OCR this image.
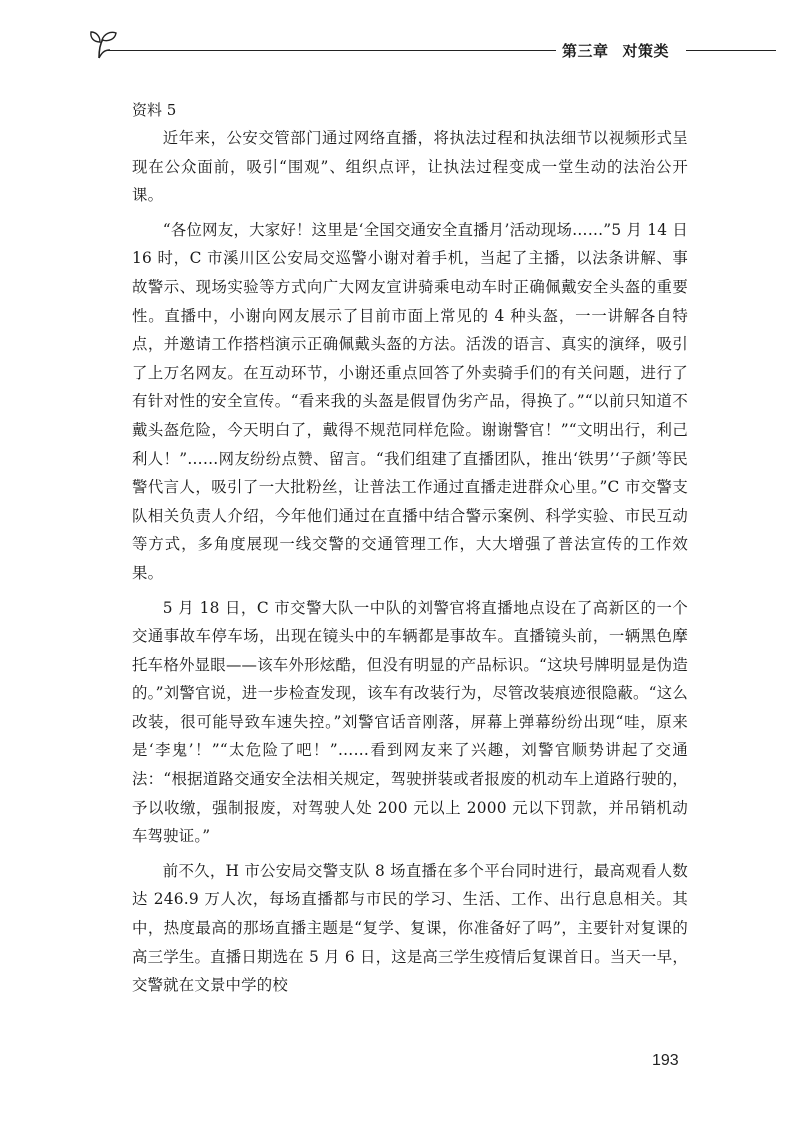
第三章 对策类
资料 5

近年来，公安交管部门通过网络直播，将执法过程和执法细节以视频形式呈现在公众面前，吸引“围观”、组织点评，让执法过程变成一堂生动的法治公开课。

“各位网友，大家好！这里是‘全国交通安全直播月’活动现场……”5 月 14 日 16 时，C 市溪川区公安局交巡警小谢对着手机，当起了主播，以法条讲解、事故警示、现场实验等方式向广大网友宣讲骑乘电动车时正确佩戴安全头盔的重要性。直播中，小谢向网友展示了目前市面上常见的 4 种头盔，一一讲解各自特点，并邀请工作搭档演示正确佩戴头盔的方法。活泼的语言、真实的演绎，吸引了上万名网友。在互动环节，小谢还重点回答了外卖骑手们的有关问题，进行了有针对性的安全宣传。“看来我的头盔是假冒伪劣产品，得换了。”“以前只知道不戴头盔危险，今天明白了，戴得不规范同样危险。谢谢警官！”“文明出行，利己利人！”……网友纷纷点赞、留言。“我们组建了直播团队，推出‘铁男’‘子颜’等民警代言人，吸引了一大批粉丝，让普法工作通过直播走进群众心里。”C 市交警支队相关负责人介绍，今年他们通过在直播中结合警示案例、科学实验、市民互动等方式，多角度展现一线交警的交通管理工作，大大增强了普法宣传的工作效果。

5 月 18 日，C 市交警大队一中队的刘警官将直播地点设在了高新区的一个交通事故车停车场，出现在镜头中的车辆都是事故车。直播镜头前，一辆黑色摩托车格外显眼——该车外形炫酷，但没有明显的产品标识。“这块号牌明显是伪造的。”刘警官说，进一步检查发现，该车有改装行为，尽管改装痕迹很隐蔽。“这么改装，很可能导致车速失控。”刘警官话音刚落，屏幕上弹幕纷纷出现“哇，原来是‘李鬼’！”“太危险了吧！”……看到网友来了兴趣，刘警官顺势讲起了交通法：“根据道路交通安全法相关规定，驾驶拼装或者报废的机动车上道路行驶的，予以收缴，强制报废，对驾驶人处 200 元以上 2000 元以下罚款，并吊销机动车驾驶证。”

前不久，H 市公安局交警支队 8 场直播在多个平台同时进行，最高观看人数达 246.9 万人次，每场直播都与市民的学习、生活、工作、出行息息相关。其中，热度最高的那场直播主题是“复学、复课，你准备好了吗”，主要针对复课的高三学生。直播日期选在 5 月 6 日，这是高三学生疫情后复课首日。当天一早，交警就在文景中学的校

193
